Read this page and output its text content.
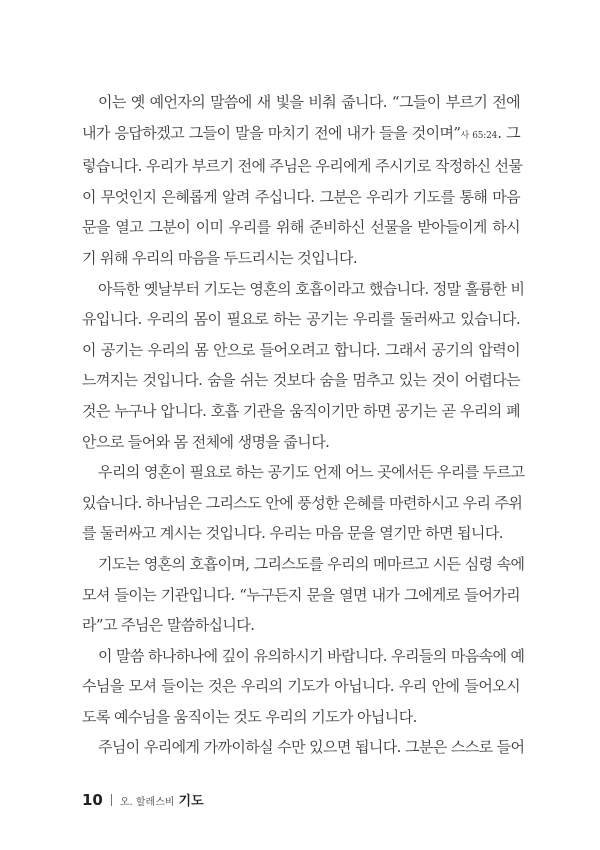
이는 옛 예언자의 말씀에 새 빛을 비춰 줍니다. “그들이 부르기 전에
내가 응답하겠고 그들이 말을 마치기 전에 내가 들을 것이며”사 65:24. 그
렇습니다. 우리가 부르기 전에 주님은 우리에게 주시기로 작정하신 선물
이 무엇인지 은혜롭게 알려 주십니다. 그분은 우리가 기도를 통해 마음
문을 열고 그분이 이미 우리를 위해 준비하신 선물을 받아들이게 하시
기 위해 우리의 마음을 두드리시는 것입니다.

아득한 옛날부터 기도는 영혼의 호흡이라고 했습니다. 정말 훌륭한 비
유입니다. 우리의 몸이 필요로 하는 공기는 우리를 둘러싸고 있습니다.
이 공기는 우리의 몸 안으로 들어오려고 합니다. 그래서 공기의 압력이
느껴지는 것입니다. 숨을 쉬는 것보다 숨을 멈추고 있는 것이 어렵다는
것은 누구나 압니다. 호흡 기관을 움직이기만 하면 공기는 곧 우리의 폐
안으로 들어와 몸 전체에 생명을 줍니다.

우리의 영혼이 필요로 하는 공기도 언제 어느 곳에서든 우리를 두르고
있습니다. 하나님은 그리스도 안에 풍성한 은혜를 마련하시고 우리 주위
를 둘러싸고 계시는 것입니다. 우리는 마음 문을 열기만 하면 됩니다.

기도는 영혼의 호흡이며, 그리스도를 우리의 메마르고 시든 심령 속에
모셔 들이는 기관입니다. “누구든지 문을 열면 내가 그에게로 들어가리
라”고 주님은 말씀하십니다.

이 말씀 하나하나에 깊이 유의하시기 바랍니다. 우리들의 마음속에 예
수님을 모셔 들이는 것은 우리의 기도가 아닙니다. 우리 안에 들어오시
도록 예수님을 움직이는 것도 우리의 기도가 아닙니다.

주님이 우리에게 가까이하실 수만 있으면 됩니다. 그분은 스스로 들어

10 오. 할레스비 기도
